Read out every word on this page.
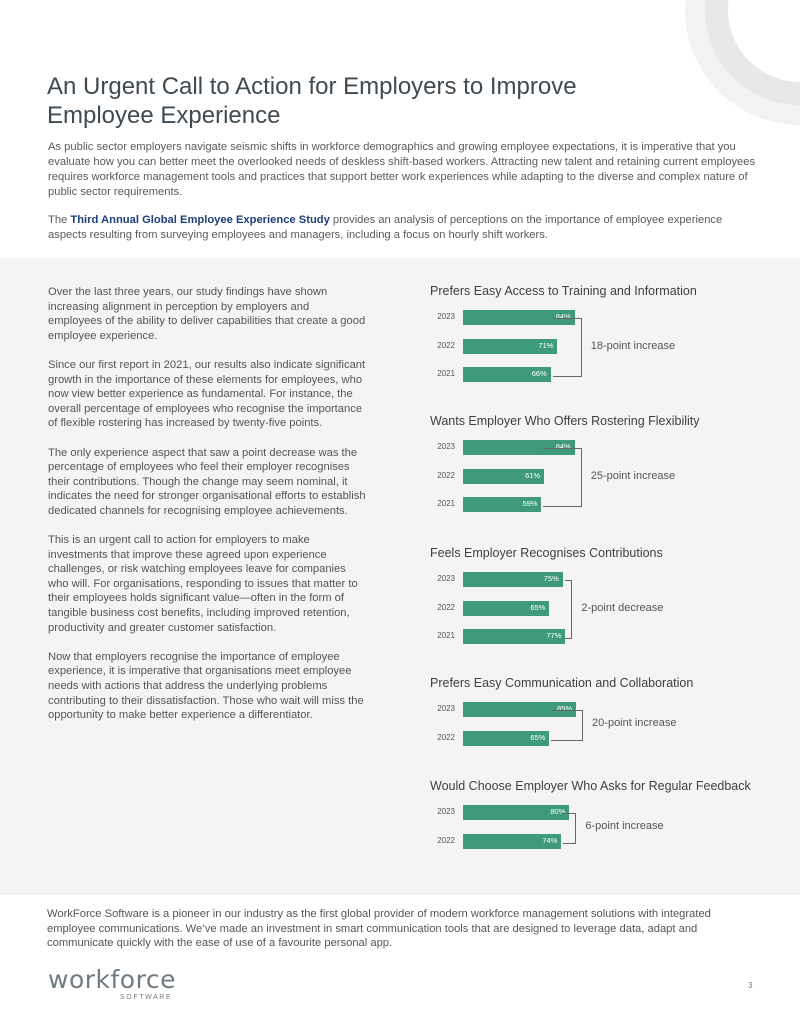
An Urgent Call to Action for Employers to Improve Employee Experience

As public sector employers navigate seismic shifts in workforce demographics and growing employee expectations, it is imperative that you evaluate how you can better meet the overlooked needs of deskless shift-based workers. Attracting new talent and retaining current employees requires workforce management tools and practices that support better work experiences while adapting to the diverse and complex nature of public sector requirements.

The Third Annual Global Employee Experience Study provides an analysis of perceptions on the importance of employee experience aspects resulting from surveying employees and managers, including a focus on hourly shift workers.

Over the last three years, our study findings have shown increasing alignment in perception by employers and employees of the ability to deliver capabilities that create a good employee experience.

Since our first report in 2021, our results also indicate significant growth in the importance of these elements for employees, who now view better experience as fundamental. For instance, the overall percentage of employees who recognise the importance of flexible rostering has increased by twenty-five points.

The only experience aspect that saw a point decrease was the percentage of employees who feel their employer recognises their contributions. Though the change may seem nominal, it indicates the need for stronger organisational efforts to establish dedicated channels for recognising employee achievements.

This is an urgent call to action for employers to make investments that improve these agreed upon experience challenges, or risk watching employees leave for companies who will. For organisations, responding to issues that matter to their employees holds significant value—often in the form of tangible business cost benefits, including improved retention, productivity and greater customer satisfaction.

Now that employers recognise the importance of employee experience, it is imperative that organisations meet employee needs with actions that address the underlying problems contributing to their dissatisfaction. Those who wait will miss the opportunity to make better experience a differentiator.

Prefers Easy Access to Training and Information
2023	84%
2022	71%
2021	66%
18-point increase
Wants Employer Who Offers Rostering Flexibility
2023	84%
2022	61%
2021	59%
25-point increase
Feels Employer Recognises Contributions
2023	75%
2022	65%
2021	77%
2-point decrease
Prefers Easy Communication and Collaboration
2023	85%
2022	65%
20-point increase
Would Choose Employer Who Asks for Regular Feedback
2023	80%
2022	74%
6-point increase

WorkForce Software is a pioneer in our industry as the first global provider of modern workforce management solutions with integrated employee communications. We’ve made an investment in smart communication tools that are designed to leverage data, adapt and communicate quickly with the ease of use of a favourite personal app.

workforce
SOFTWARE
3
